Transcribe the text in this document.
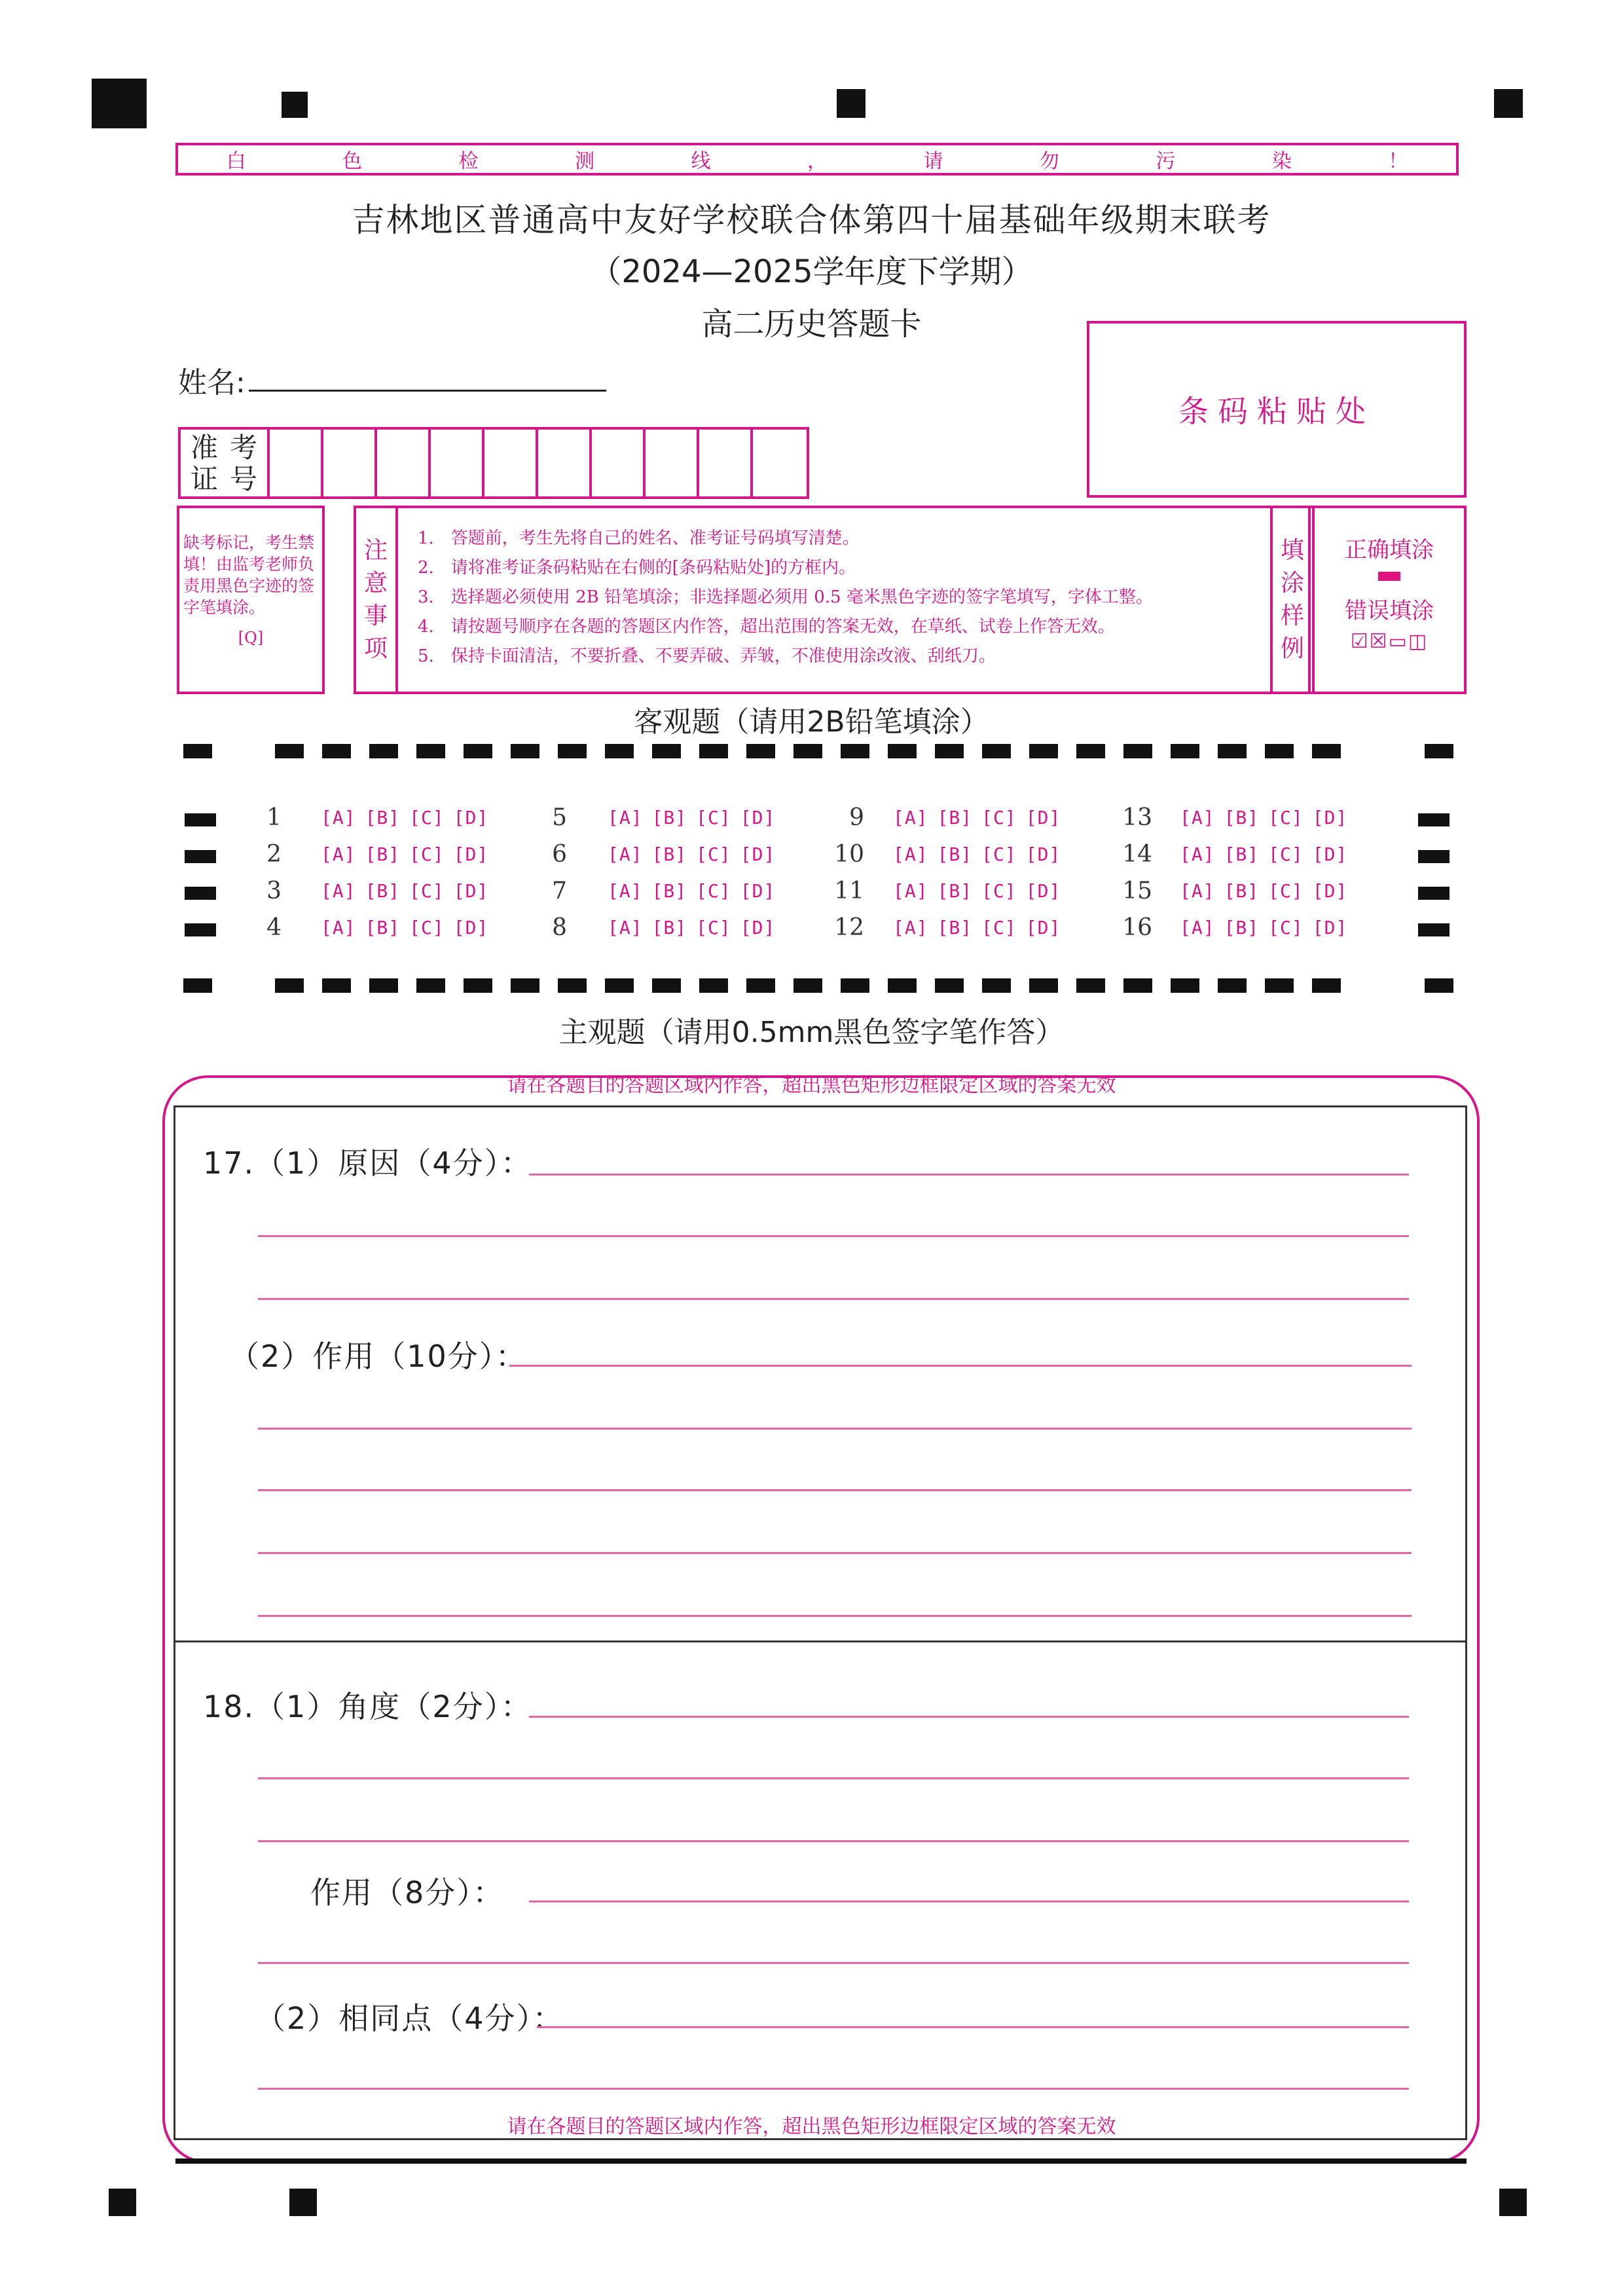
白	色	检	测	线	，	请	勿	污	染	！
吉林地区普通高中友好学校联合体第四十届基础年级期末联考
（2024—2025学年度下学期）
高二历史答题卡
条码粘贴处
姓名:
准 考
证 号
缺考标记，考生禁填！由监考老师负责用黑色字迹的签字笔填涂。
[Q]
注
意
事
项
1.　答题前，考生先将自己的姓名、准考证号码填写清楚。
2.　请将准考证条码粘贴在右侧的[条码粘贴处]的方框内。
3.　选择题必须使用 2B 铅笔填涂；非选择题必须用 0.5 毫米黑色字迹的签字笔填写，字体工整。
4.　请按题号顺序在各题的答题区内作答，超出范围的答案无效，在草纸、试卷上作答无效。
5.　保持卡面清洁，不要折叠、不要弄破、弄皱，不准使用涂改液、刮纸刀。
填
涂
样
例
正确填涂
错误填涂
☑☒▭◫
客观题（请用2B铅笔填涂）
1 [A] [B] [C] [D]
2 [A] [B] [C] [D]
3 [A] [B] [C] [D]
4 [A] [B] [C] [D]
5 [A] [B] [C] [D]
6 [A] [B] [C] [D]
7 [A] [B] [C] [D]
8 [A] [B] [C] [D]
9 [A] [B] [C] [D]
10 [A] [B] [C] [D]
11 [A] [B] [C] [D]
12 [A] [B] [C] [D]
13 [A] [B] [C] [D]
14 [A] [B] [C] [D]
15 [A] [B] [C] [D]
16 [A] [B] [C] [D]
主观题（请用0.5mm黑色签字笔作答）
请在各题目的答题区域内作答，超出黑色矩形边框限定区域的答案无效
17.（1）原因（4分）：
（2）作用（10分）：
18.（1）角度（2分）：
作用（8分）：
（2）相同点（4分）：
请在各题目的答题区域内作答，超出黑色矩形边框限定区域的答案无效
